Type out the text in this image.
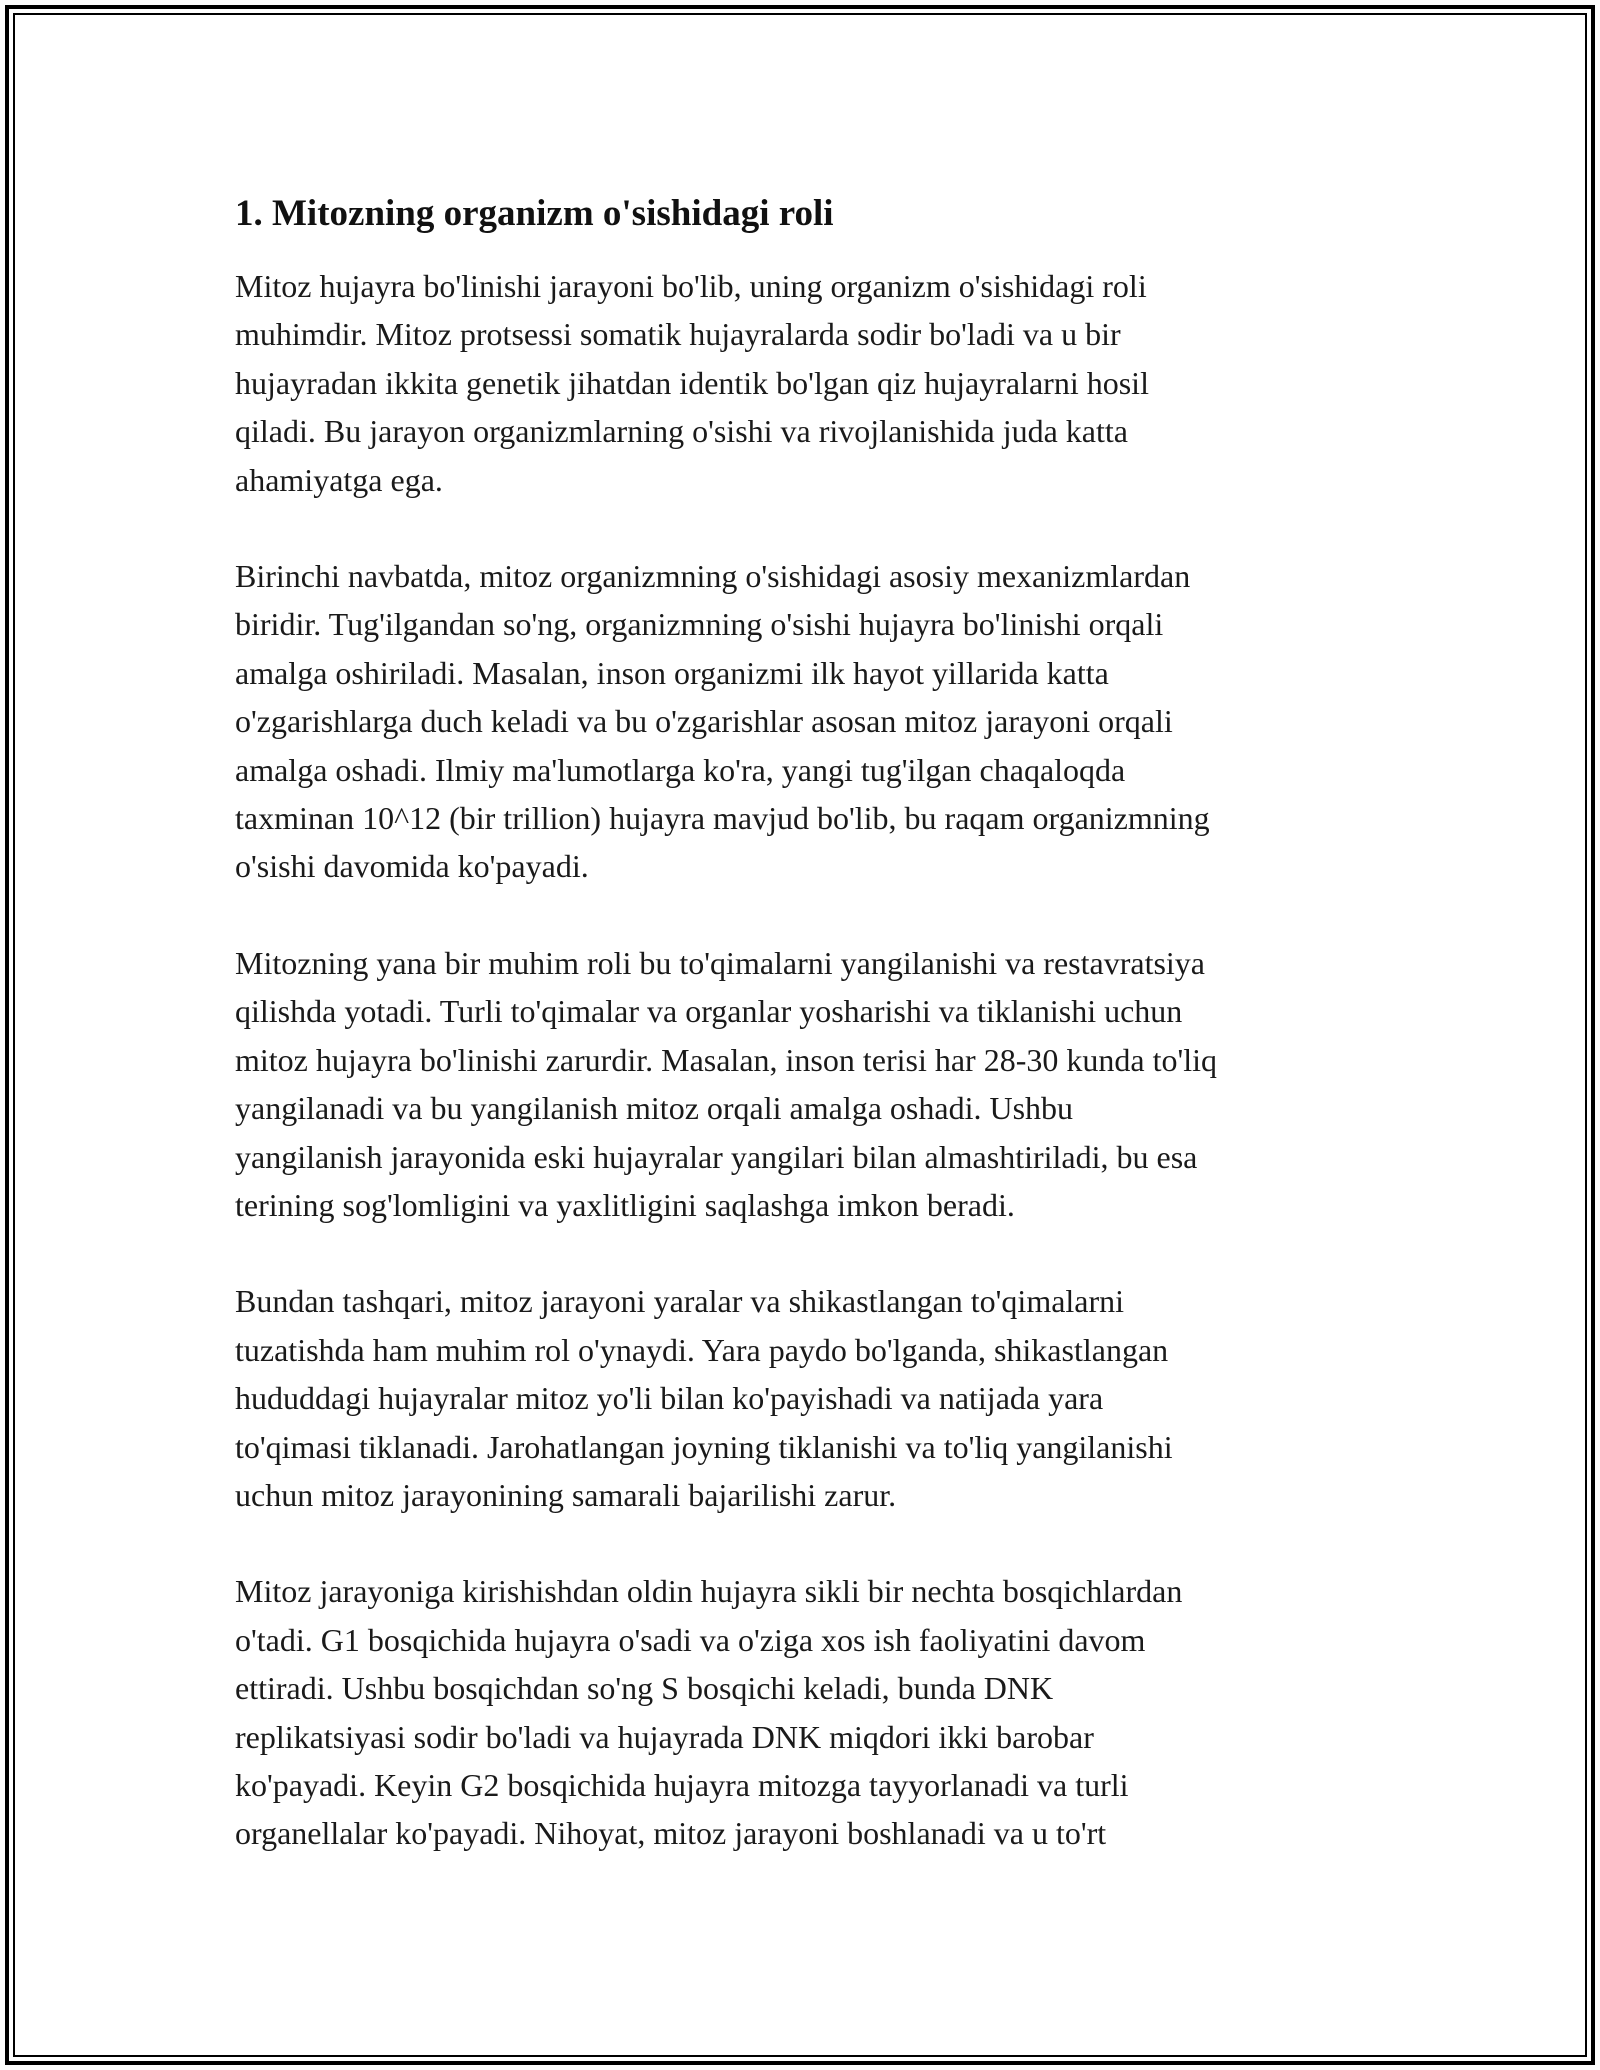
1. Mitozning organizm o'sishidagi roli

Mitoz hujayra bo'linishi jarayoni bo'lib, uning organizm o'sishidagi roli
muhimdir. Mitoz protsessi somatik hujayralarda sodir bo'ladi va u bir
hujayradan ikkita genetik jihatdan identik bo'lgan qiz hujayralarni hosil
qiladi. Bu jarayon organizmlarning o'sishi va rivojlanishida juda katta
ahamiyatga ega.

Birinchi navbatda, mitoz organizmning o'sishidagi asosiy mexanizmlardan
biridir. Tug'ilgandan so'ng, organizmning o'sishi hujayra bo'linishi orqali
amalga oshiriladi. Masalan, inson organizmi ilk hayot yillarida katta
o'zgarishlarga duch keladi va bu o'zgarishlar asosan mitoz jarayoni orqali
amalga oshadi. Ilmiy ma'lumotlarga ko'ra, yangi tug'ilgan chaqaloqda
taxminan 10^12 (bir trillion) hujayra mavjud bo'lib, bu raqam organizmning
o'sishi davomida ko'payadi.

Mitozning yana bir muhim roli bu to'qimalarni yangilanishi va restavratsiya
qilishda yotadi. Turli to'qimalar va organlar yosharishi va tiklanishi uchun
mitoz hujayra bo'linishi zarurdir. Masalan, inson terisi har 28-30 kunda to'liq
yangilanadi va bu yangilanish mitoz orqali amalga oshadi. Ushbu
yangilanish jarayonida eski hujayralar yangilari bilan almashtiriladi, bu esa
terining sog'lomligini va yaxlitligini saqlashga imkon beradi.

Bundan tashqari, mitoz jarayoni yaralar va shikastlangan to'qimalarni
tuzatishda ham muhim rol o'ynaydi. Yara paydo bo'lganda, shikastlangan
hududdagi hujayralar mitoz yo'li bilan ko'payishadi va natijada yara
to'qimasi tiklanadi. Jarohatlangan joyning tiklanishi va to'liq yangilanishi
uchun mitoz jarayonining samarali bajarilishi zarur.

Mitoz jarayoniga kirishishdan oldin hujayra sikli bir nechta bosqichlardan
o'tadi. G1 bosqichida hujayra o'sadi va o'ziga xos ish faoliyatini davom
ettiradi. Ushbu bosqichdan so'ng S bosqichi keladi, bunda DNK
replikatsiyasi sodir bo'ladi va hujayrada DNK miqdori ikki barobar
ko'payadi. Keyin G2 bosqichida hujayra mitozga tayyorlanadi va turli
organellalar ko'payadi. Nihoyat, mitoz jarayoni boshlanadi va u to'rt
